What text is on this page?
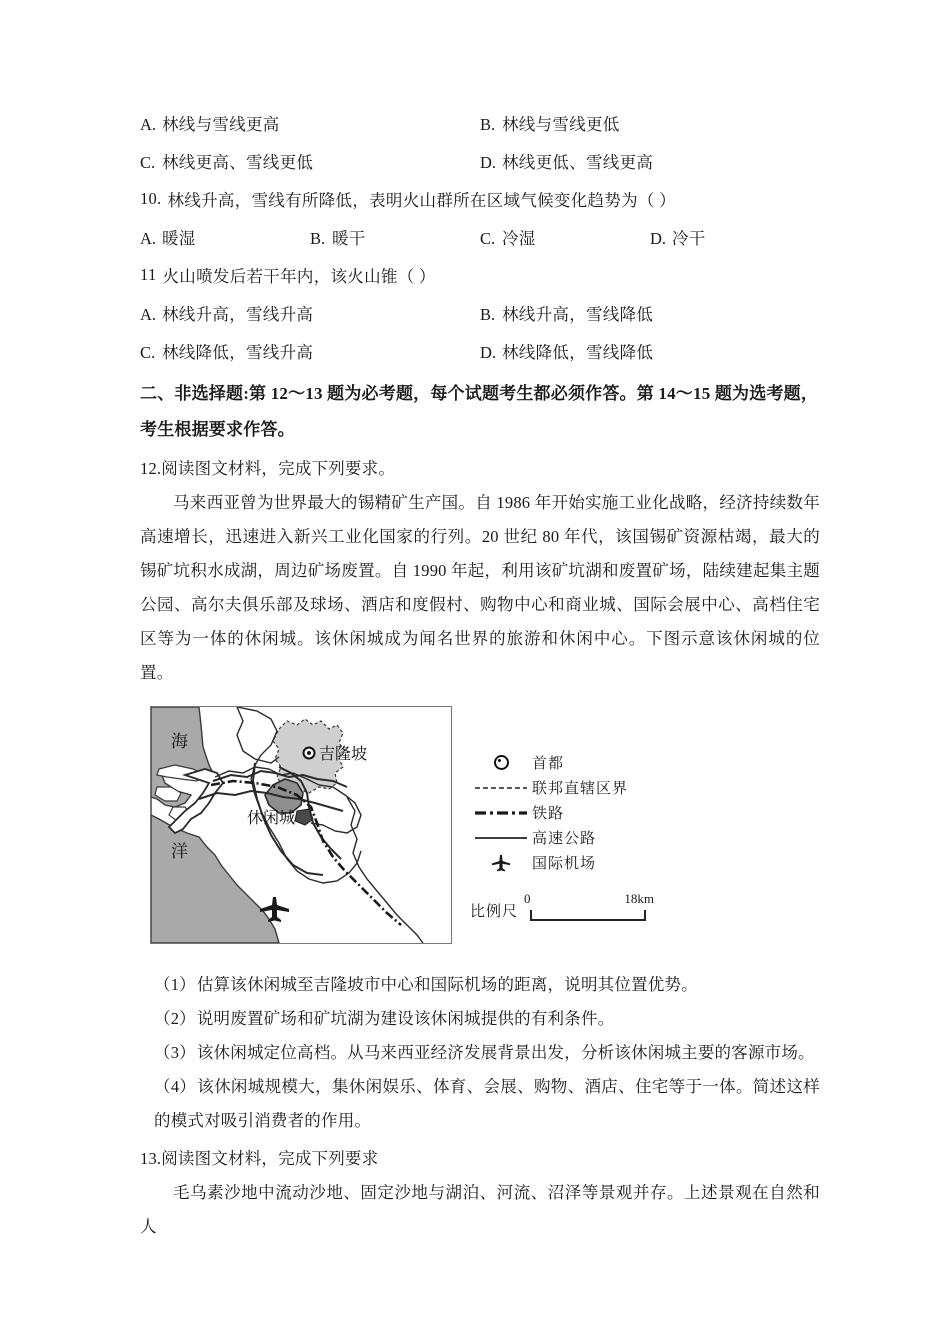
A. 林线与雪线更高	B. 林线与雪线更低
C. 林线更高、雪线更低	D. 林线更低、雪线更高
10. 林线升高，雪线有所降低，表明火山群所在区域气候变化趋势为（ ）
A. 暖湿	B. 暖干	C. 冷湿	D. 冷干
11 火山喷发后若干年内，该火山锥（ ）
A. 林线升高，雪线升高	B. 林线升高，雪线降低
C. 林线降低，雪线升高	D. 林线降低，雪线降低
二、非选择题:第 12～13 题为必考题，每个试题考生都必须作答。第 14～15 题为选考题，考生根据要求作答。
12.阅读图文材料，完成下列要求。
马来西亚曾为世界最大的锡精矿生产国。自 1986 年开始实施工业化战略，经济持续数年高速增长，迅速进入新兴工业化国家的行列。20 世纪 80 年代，该国锡矿资源枯竭，最大的锡矿坑积水成湖，周边矿场废置。自 1990 年起，利用该矿坑湖和废置矿场，陆续建起集主题公园、高尔夫俱乐部及球场、酒店和度假村、购物中心和商业城、国际会展中心、高档住宅区等为一体的休闲城。该休闲城成为闻名世界的旅游和休闲中心。下图示意该休闲城的位置。
海
洋
吉隆坡
休闲城
首都
联邦直辖区界
铁路
高速公路
国际机场
比例尺
0	18km
（1）估算该休闲城至吉隆坡市中心和国际机场的距离，说明其位置优势。
（2）说明废置矿场和矿坑湖为建设该休闲城提供的有利条件。
（3）该休闲城定位高档。从马来西亚经济发展背景出发，分析该休闲城主要的客源市场。
（4）该休闲城规模大，集休闲娱乐、体育、会展、购物、酒店、住宅等于一体。简述这样的模式对吸引消费者的作用。
13.阅读图文材料，完成下列要求
毛乌素沙地中流动沙地、固定沙地与湖泊、河流、沼泽等景观并存。上述景观在自然和人
